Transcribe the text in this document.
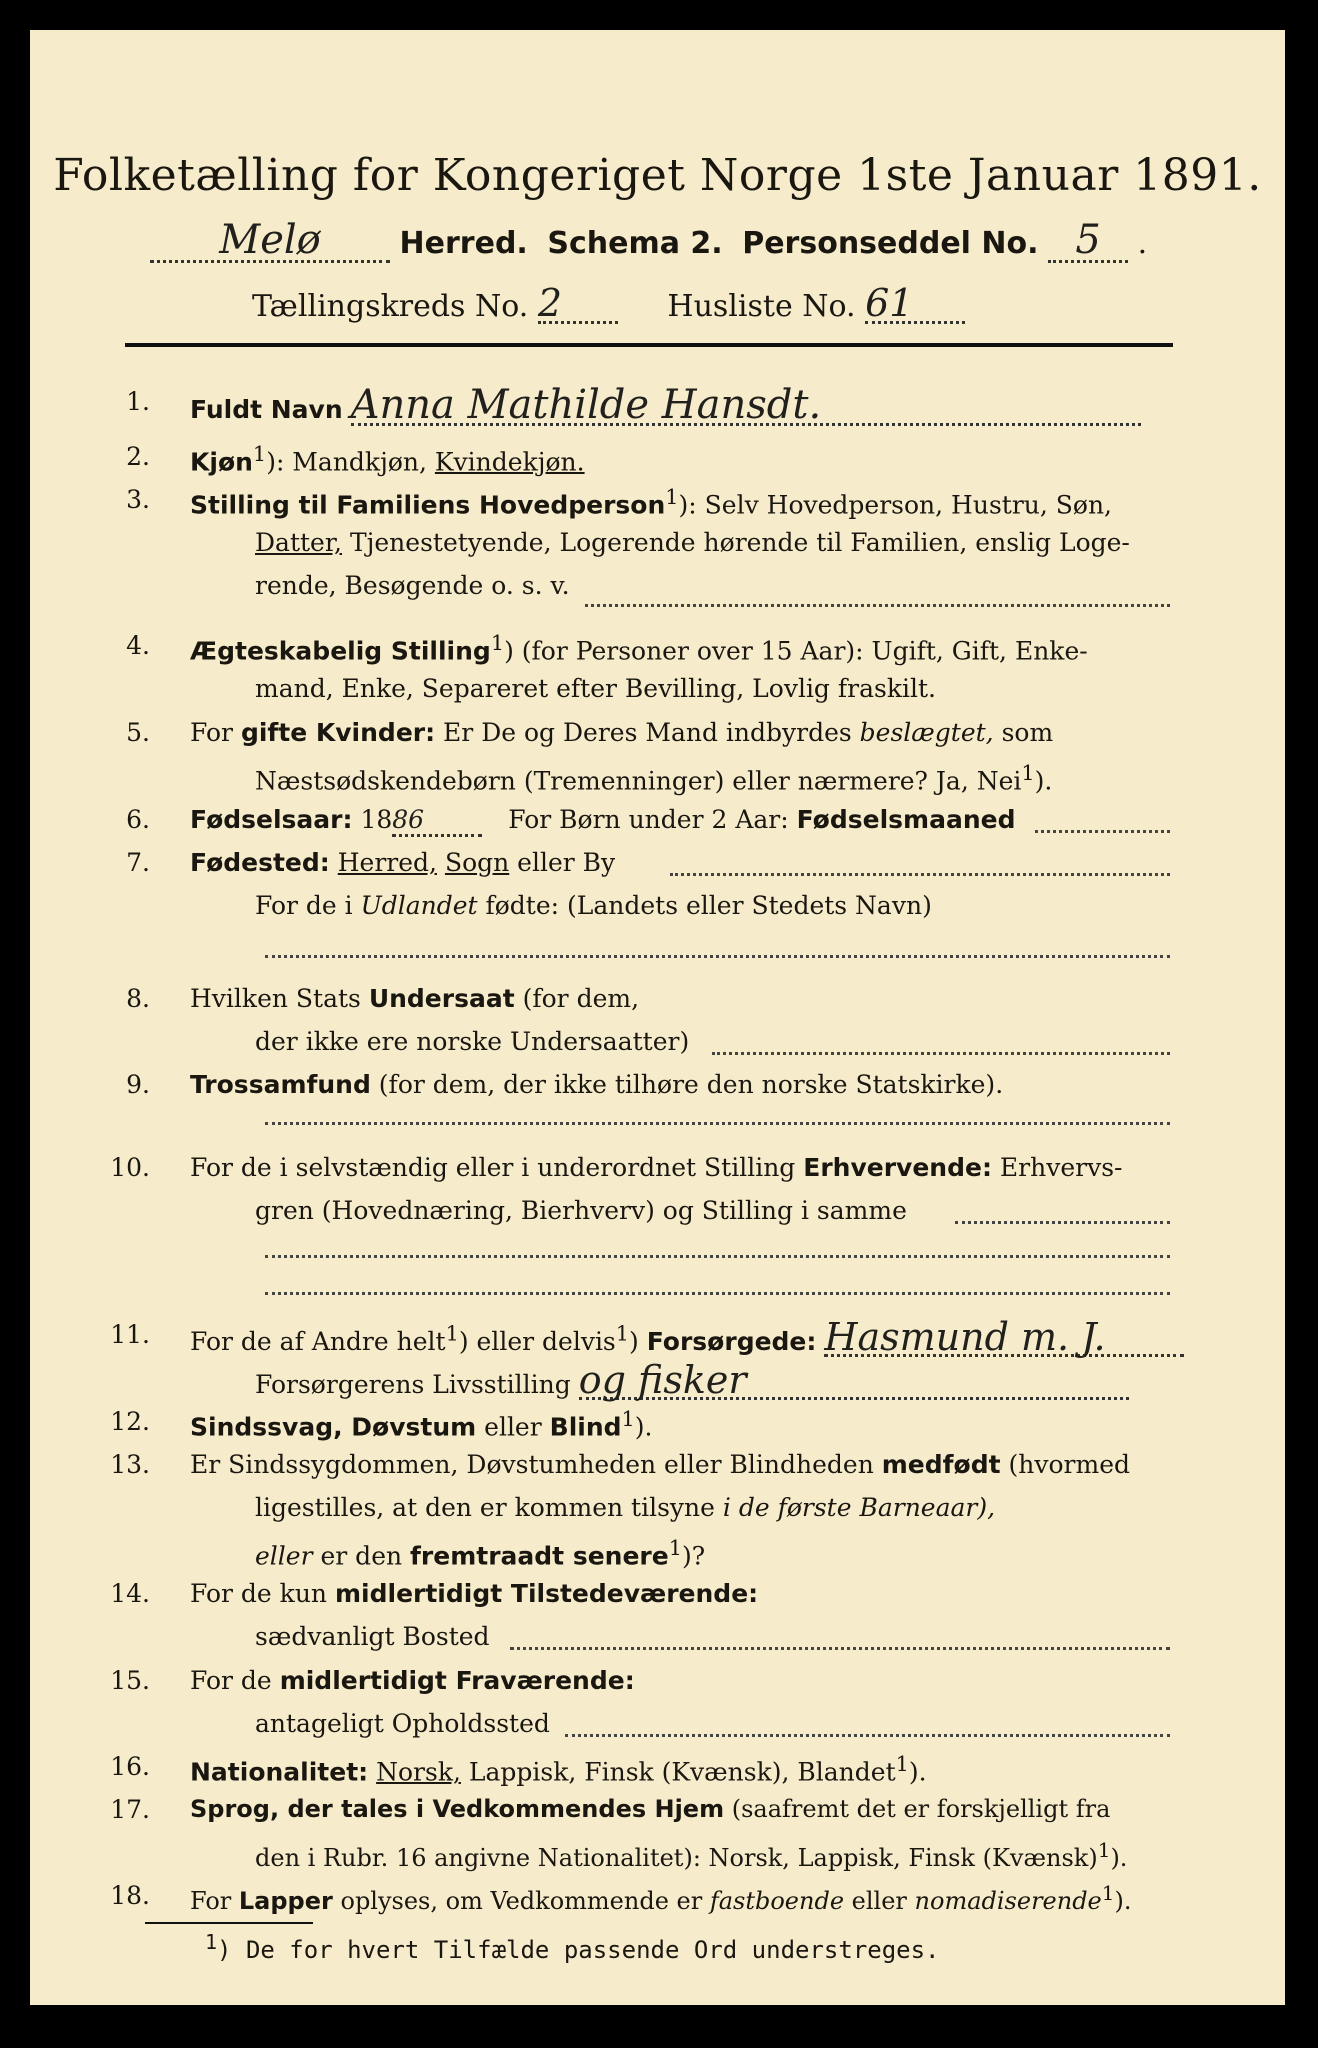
Folketælling for Kongeriget Norge 1ste Januar 1891.
Melø	Herred. Schema 2. Personseddel No. 5 .
Tællingskreds No. 2	Husliste No. 61
1. Fuldt Navn Anna Mathilde Hansdt.
2. Kjøn$^1$): Mandkjøn, Kvindekjøn.
3. Stilling til Familiens Hovedperson$^1$): Selv Hovedperson, Hustru, Søn,
Datter, Tjenestetyende, Logerende hørende til Familien, enslig Loge-
rende, Besøgende o. s. v.
4. Ægteskabelig Stilling$^1$) (for Personer over 15 Aar): Ugift, Gift, Enke-
mand, Enke, Separeret efter Bevilling, Lovlig fraskilt.
5. For gifte Kvinder: Er De og Deres Mand indbyrdes beslægtet, som
Næstsødskendebørn (Tremenninger) eller nærmere? Ja, Nei$^1$).
6. Fødselsaar: 1886	For Børn under 2 Aar: Fødselsmaaned
7. Fødested: Herred, Sogn eller By
For de i Udlandet fødte: (Landets eller Stedets Navn)
8. Hvilken Stats Undersaat (for dem,
der ikke ere norske Undersaatter)
9. Trossamfund (for dem, der ikke tilhøre den norske Statskirke).
10. For de i selvstændig eller i underordnet Stilling Erhvervende: Erhvervs-
gren (Hovednæring, Bierhverv) og Stilling i samme
11. For de af Andre helt$^1$) eller delvis$^1$) Forsørgede: Hasmund m. J.
Forsørgerens Livsstilling og fisker
12. Sindssvag, Døvstum eller Blind$^1$).
13. Er Sindssygdommen, Døvstumheden eller Blindheden medfødt (hvormed
ligestilles, at den er kommen tilsyne i de første Barneaar),
eller er den fremtraadt senere$^1$)?
14. For de kun midlertidigt Tilstedeværende:
sædvanligt Bosted
15. For de midlertidigt Fraværende:
antageligt Opholdssted
16. Nationalitet: Norsk, Lappisk, Finsk (Kvænsk), Blandet$^1$).
17. Sprog, der tales i Vedkommendes Hjem (saafremt det er forskjelligt fra
den i Rubr. 16 angivne Nationalitet): Norsk, Lappisk, Finsk (Kvænsk)$^1$).
18. For Lapper oplyses, om Vedkommende er fastboende eller nomadiserende$^1$).
$^1$) De for hvert Tilfælde passende Ord understreges.
